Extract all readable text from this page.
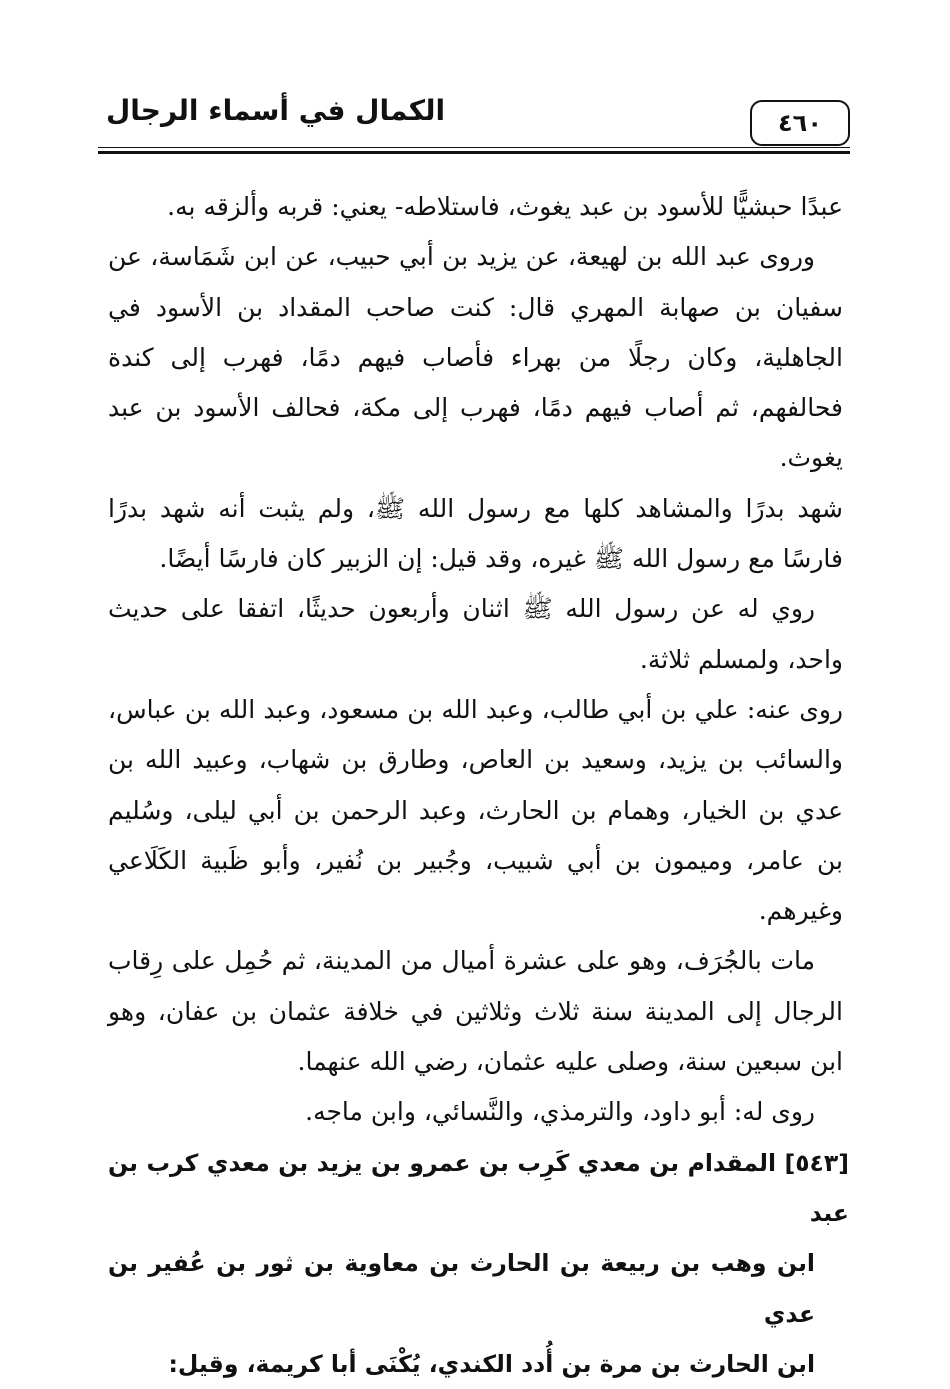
الكمال في أسماء الرجال	٤٦٠

عبدًا حبشيًّا للأسود بن عبد يغوث، فاستلاطه- يعني: قربه وألزقه به.

وروى عبد الله بن لهيعة، عن يزيد بن أبي حبيب، عن ابن شَمَاسة، عن سفيان بن صهابة المهري قال: كنت صاحب المقداد بن الأسود في الجاهلية، وكان رجلًا من بهراء فأصاب فيهم دمًا، فهرب إلى كندة فحالفهم، ثم أصاب فيهم دمًا، فهرب إلى مكة، فحالف الأسود بن عبد يغوث.

شهد بدرًا والمشاهد كلها مع رسول الله ﷺ، ولم يثبت أنه شهد بدرًا فارسًا مع رسول الله ﷺ غيره، وقد قيل: إن الزبير كان فارسًا أيضًا.

روي له عن رسول الله ﷺ اثنان وأربعون حديثًا، اتفقا على حديث واحد، ولمسلم ثلاثة.

روى عنه: علي بن أبي طالب، وعبد الله بن مسعود، وعبد الله بن عباس، والسائب بن يزيد، وسعيد بن العاص، وطارق بن شهاب، وعبيد الله بن عدي بن الخيار، وهمام بن الحارث، وعبد الرحمن بن أبي ليلى، وسُليم بن عامر، وميمون بن أبي شبيب، وجُبير بن نُفير، وأبو ظَبية الكَلَاعي وغيرهم.

مات بالجُرَف، وهو على عشرة أميال من المدينة، ثم حُمِل على رِقاب الرجال إلى المدينة سنة ثلاث وثلاثين في خلافة عثمان بن عفان، وهو ابن سبعين سنة، وصلى عليه عثمان، رضي الله عنهما.

روى له: أبو داود، والترمذي، والنَّسائي، وابن ماجه.

[٥٤٣] المقدام بن معدي كَرِب بن عمرو بن يزيد بن معدي كرب بن عبد

ابن وهب بن ربيعة بن الحارث بن معاوية بن ثور بن عُفير بن عدي

ابن الحارث بن مرة بن أُدد الكندي، يُكْنَى أبا كريمة، وقيل:
